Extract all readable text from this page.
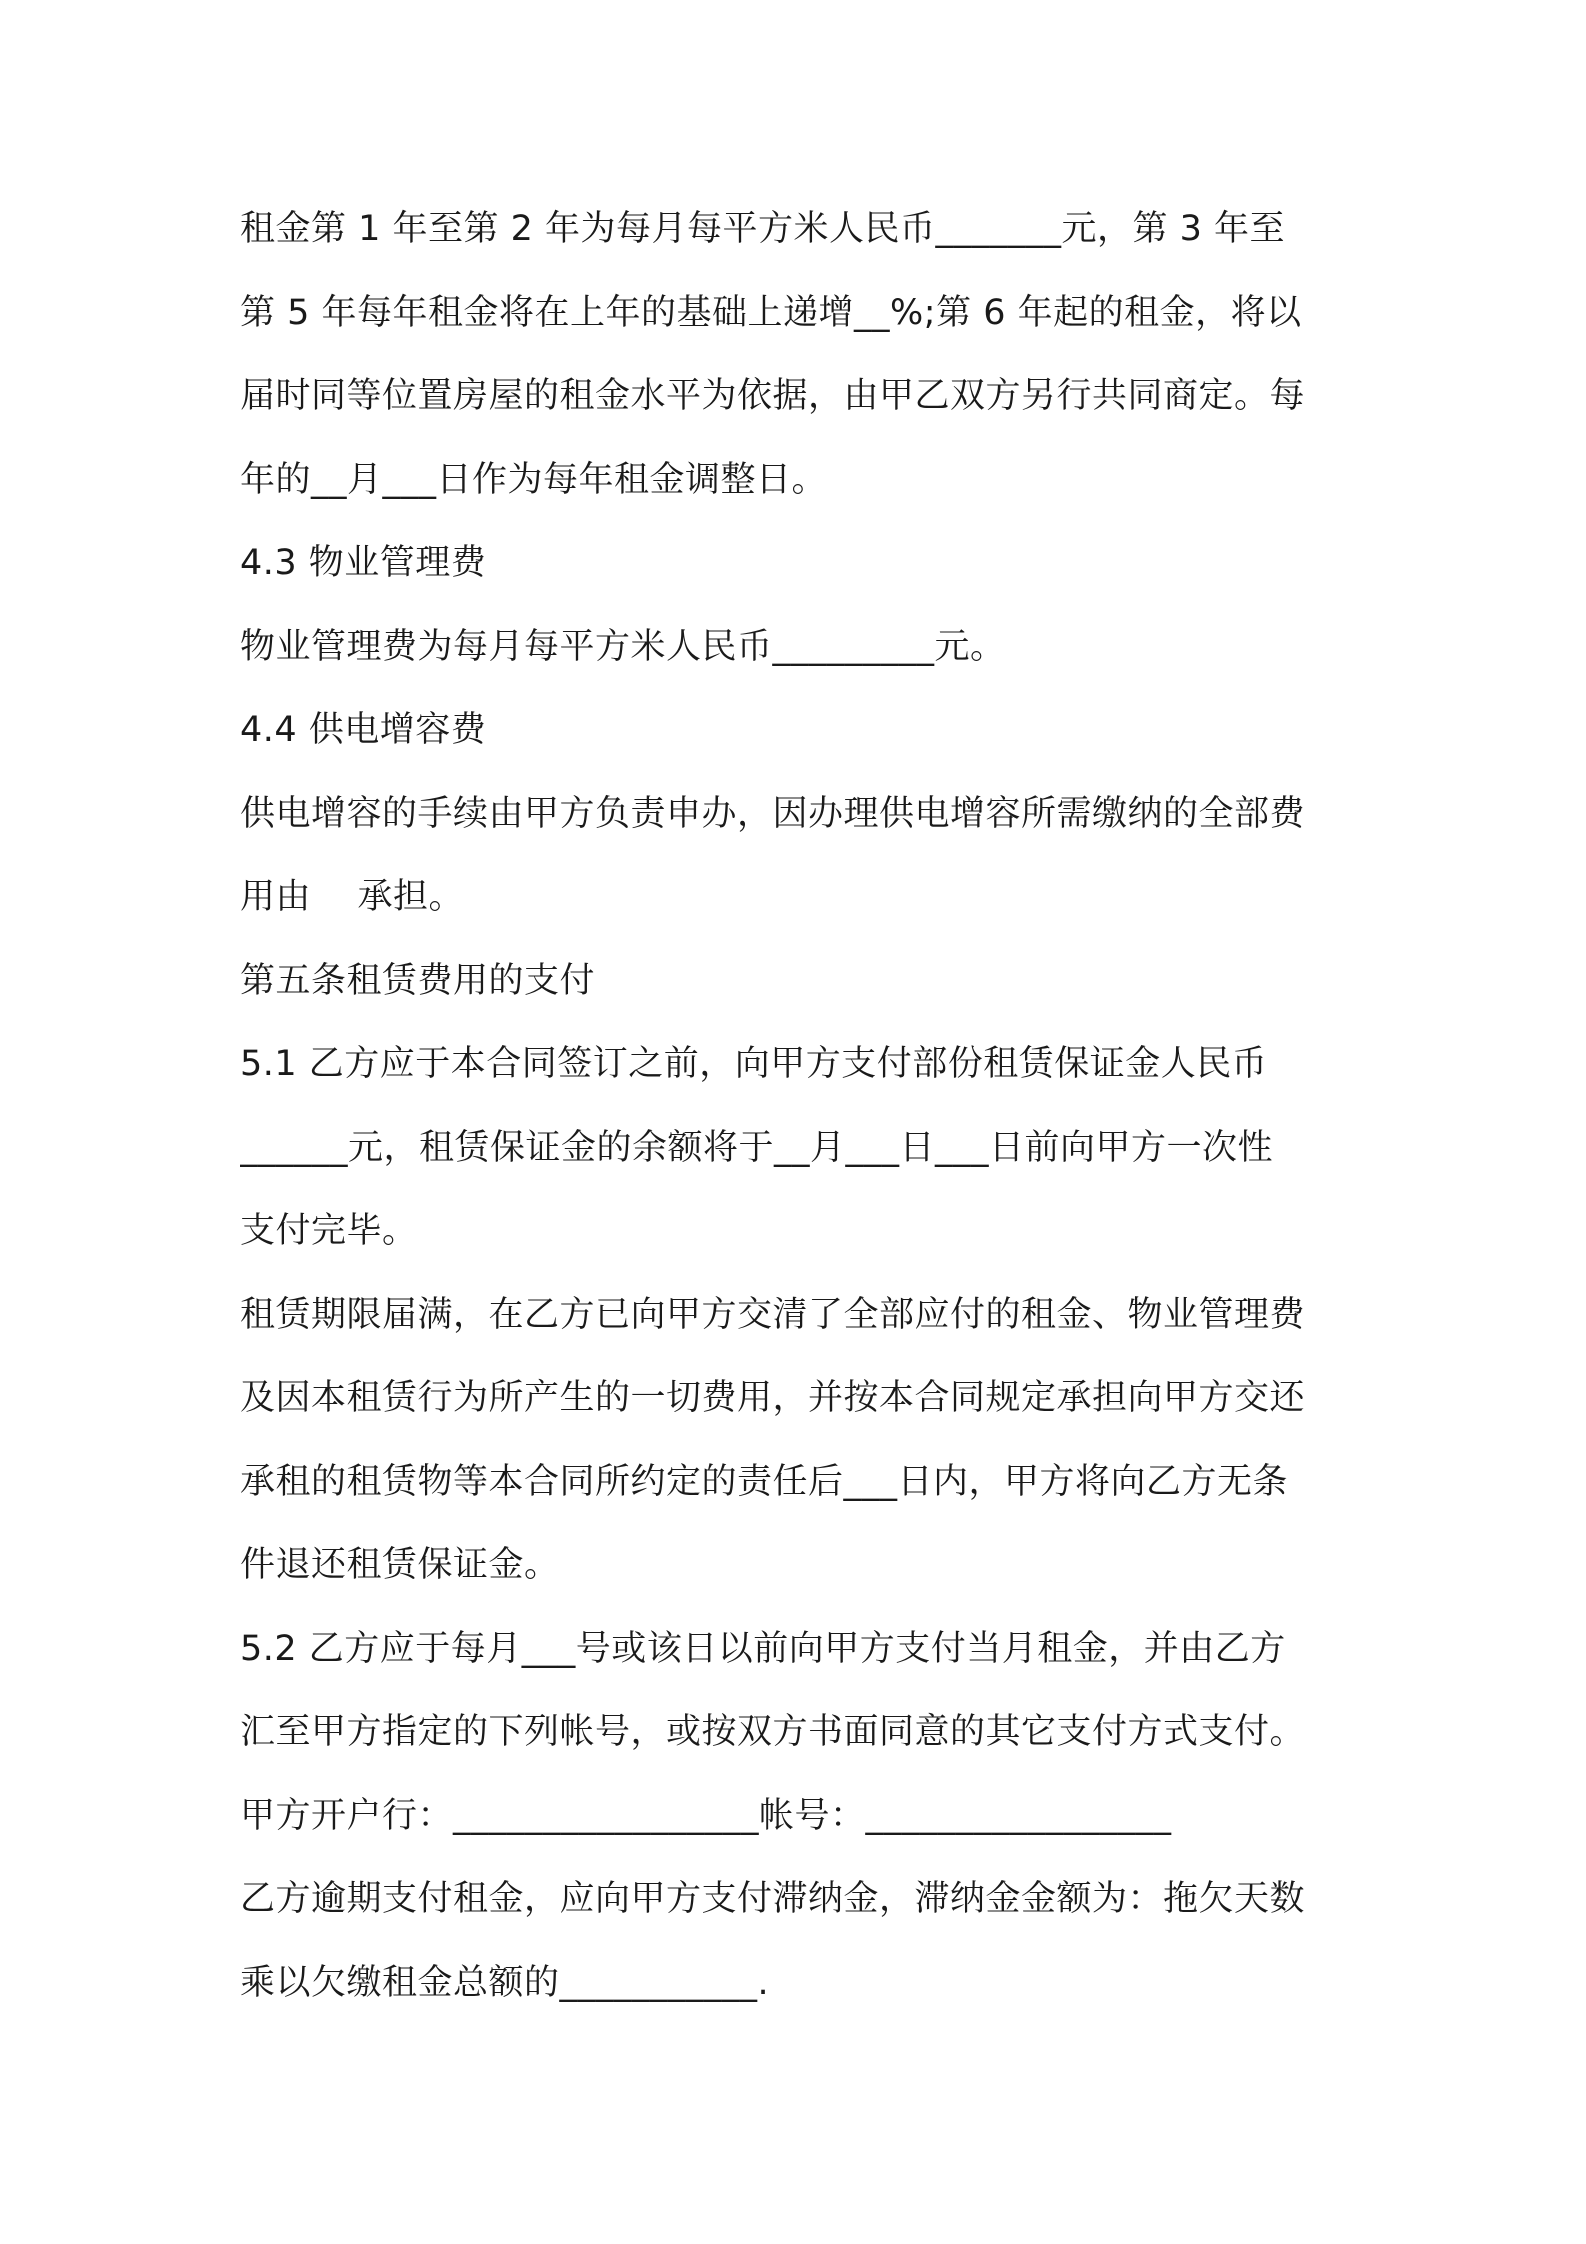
租金第 1 年至第 2 年为每月每平方米人民币_______元，第 3 年至
第 5 年每年租金将在上年的基础上递增__%;第 6 年起的租金，将以
届时同等位置房屋的租金水平为依据，由甲乙双方另行共同商定。每
年的__月___日作为每年租金调整日。
4.3 物业管理费
物业管理费为每月每平方米人民币_________元。
4.4 供电增容费
供电增容的手续由甲方负责申办，因办理供电增容所需缴纳的全部费
用由    承担。
第五条租赁费用的支付
5.1 乙方应于本合同签订之前，向甲方支付部份租赁保证金人民币
______元，租赁保证金的余额将于__月___日___日前向甲方一次性
支付完毕。
租赁期限届满，在乙方已向甲方交清了全部应付的租金、物业管理费
及因本租赁行为所产生的一切费用，并按本合同规定承担向甲方交还
承租的租赁物等本合同所约定的责任后___日内，甲方将向乙方无条
件退还租赁保证金。
5.2 乙方应于每月___号或该日以前向甲方支付当月租金，并由乙方
汇至甲方指定的下列帐号，或按双方书面同意的其它支付方式支付。
甲方开户行：_________________帐号：_________________
乙方逾期支付租金，应向甲方支付滞纳金，滞纳金金额为：拖欠天数
乘以欠缴租金总额的___________.
